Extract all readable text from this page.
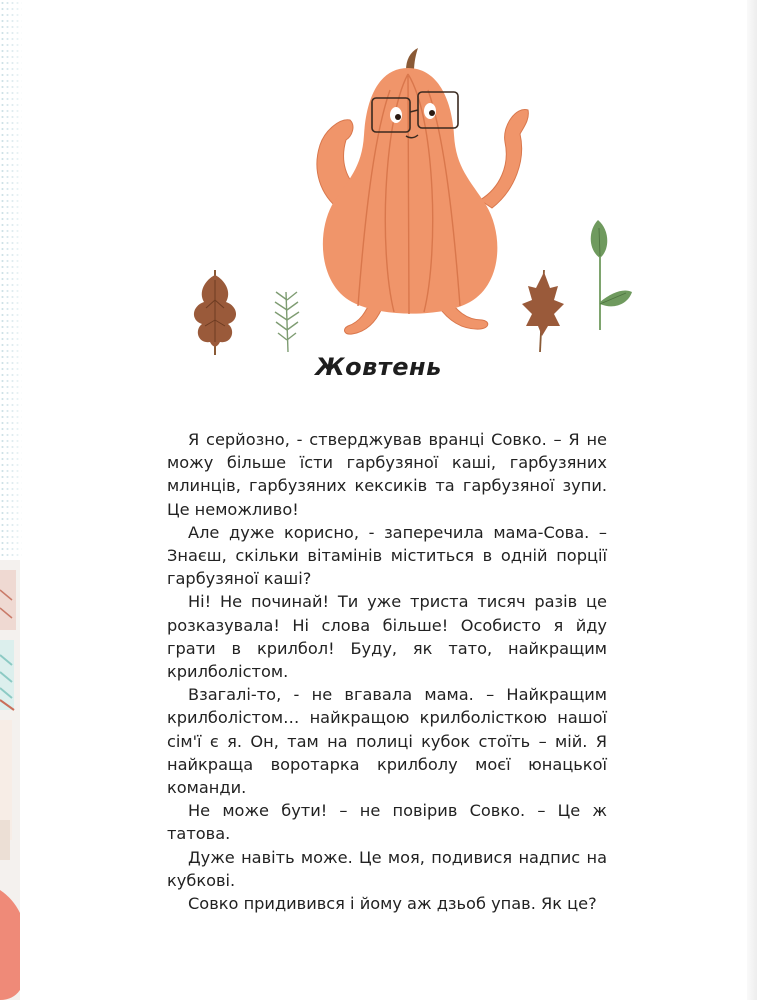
Жовтень

Я серйозно, - стверджував вранці Совко. – Я не можу більше їсти гарбузяної каші, гарбузяних млинців, гарбузяних кексиків та гарбузяної зупи. Це неможливо!

Але дуже корисно, - заперечила мама-Сова. – Знаєш, скільки вітамінів міститься в одній порції гарбузяної каші?

Ні! Не починай! Ти уже триста тисяч разів це розказувала! Ні слова більше! Особисто я йду грати в крилбол! Буду, як тато, найкращим крилболістом.

Взагалі-то, - не вгавала мама. – Найкращим крилболістом… найкращою крилболісткою нашої сім'ї є я. Он, там на полиці кубок стоїть – мій. Я найкраща воротарка крилболу моєї юнацької команди.

Не може бути! – не повірив Совко. – Це ж татова.

Дуже навіть може. Це моя, подивися надпис на кубкові.

Совко придивився і йому аж дзьоб упав. Як це?
